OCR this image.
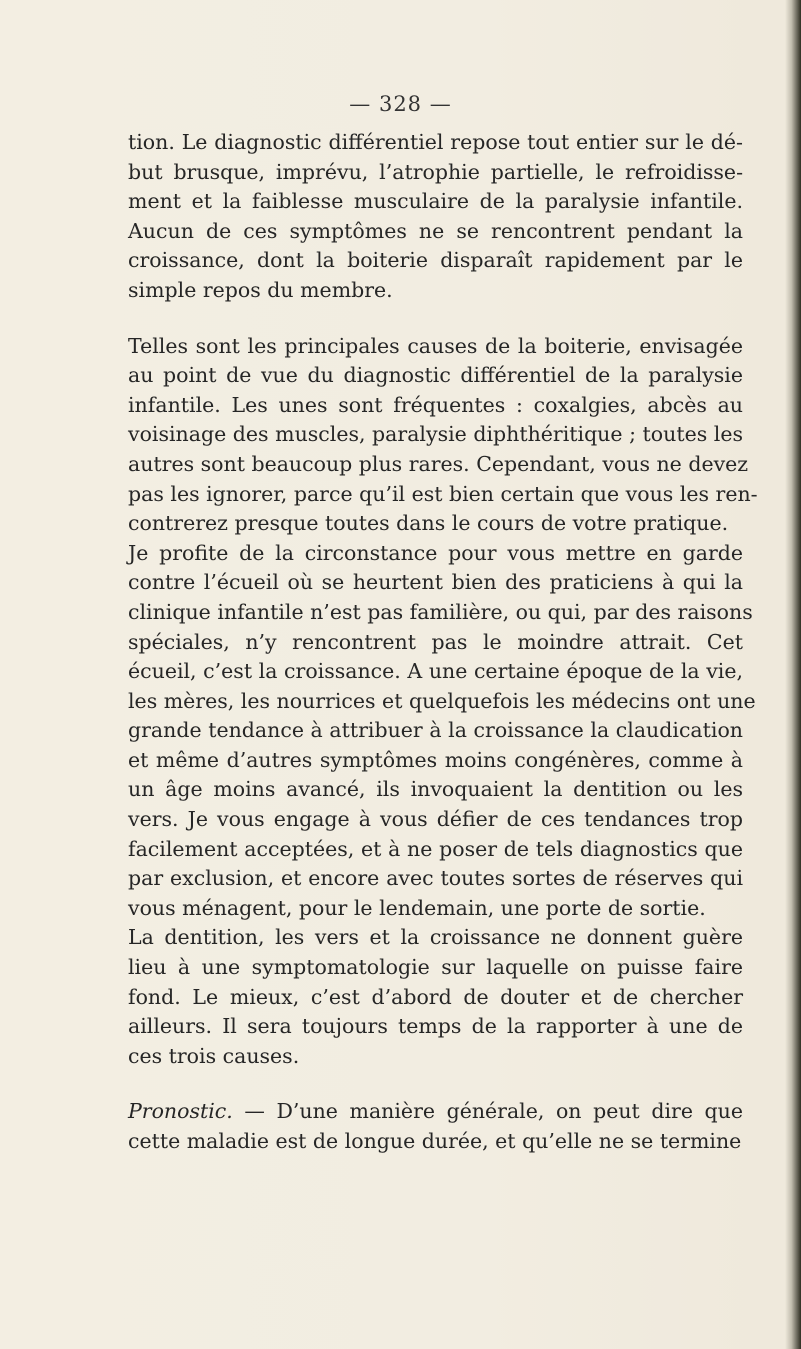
— 328 —
tion. Le diagnostic différentiel repose tout entier sur le dé-
but brusque, imprévu, l’atrophie partielle, le refroidisse-
ment et la faiblesse musculaire de la paralysie infantile.
Aucun de ces symptômes ne se rencontrent pendant la
croissance, dont la boiterie disparaît rapidement par le
simple repos du membre.
Telles sont les principales causes de la boiterie, envisagée
au point de vue du diagnostic différentiel de la paralysie
infantile. Les unes sont fréquentes : coxalgies, abcès au
voisinage des muscles, paralysie diphthéritique ; toutes les
autres sont beaucoup plus rares. Cependant, vous ne devez
pas les ignorer, parce qu’il est bien certain que vous les ren-
contrerez presque toutes dans le cours de votre pratique.
Je profite de la circonstance pour vous mettre en garde
contre l’écueil où se heurtent bien des praticiens à qui la
clinique infantile n’est pas familière, ou qui, par des raisons
spéciales, n’y rencontrent pas le moindre attrait. Cet
écueil, c’est la croissance. A une certaine époque de la vie,
les mères, les nourrices et quelquefois les médecins ont une
grande tendance à attribuer à la croissance la claudication
et même d’autres symptômes moins congénères, comme à
un âge moins avancé, ils invoquaient la dentition ou les
vers. Je vous engage à vous défier de ces tendances trop
facilement acceptées, et à ne poser de tels diagnostics que
par exclusion, et encore avec toutes sortes de réserves qui
vous ménagent, pour le lendemain, une porte de sortie.
La dentition, les vers et la croissance ne donnent guère
lieu à une symptomatologie sur laquelle on puisse faire
fond. Le mieux, c’est d’abord de douter et de chercher
ailleurs. Il sera toujours temps de la rapporter à une de
ces trois causes.
Pronostic. — D’une manière générale, on peut dire que
cette maladie est de longue durée, et qu’elle ne se termine
